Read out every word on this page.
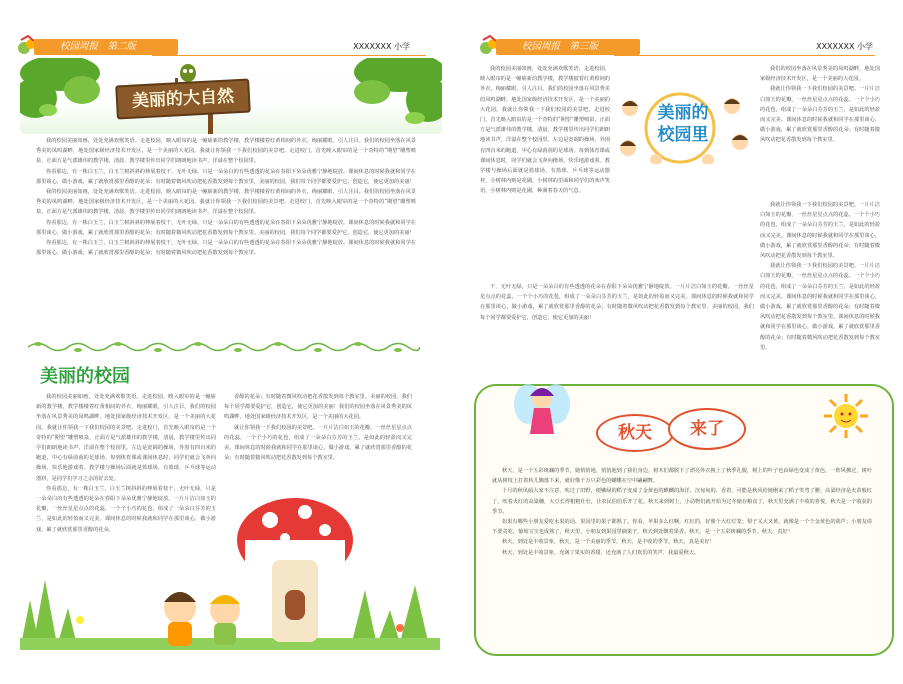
校园周报　第二版	XXXXXXX 小学
美丽的大自然

我的校园美丽如画，处处充满欢歌笑语。走进校园，映入眼帘的是一幢崭新的教学楼，教学楼楼着红黄相间的外衣，绚丽耀眼，引人注目。我们的校园坐落在风景秀美的凤鸣湖畔，地处国家级经济技术开发区，是一个美丽的大花园。我就让你领我一下我们校园的美景吧。走进校门，首先映入眼帘的是一个奇特的“期望”雕塑喷泉，正面方是气派雄伟的教学楼，清晨，教学楼里传出同学们朗朗地读书声，洋溢在整个校园里。

你看那边，有一株白玉兰，白玉兰树斜斜的伸展着枝干，无叶无绿，只是一朵朵白的有些透透的花朵在春阳下朵朵优雅宁静地绽放。课间休息的时候我就和同学在那里谈心，做小游戏，累了就欣赏那里香醇的花朵；有时随着微风吹动把花香散发到每个教室里，美丽的校园，我们每个同学都要爱护它，创造它，使它更加的美丽！

我的校园美丽如画，处处充满欢歌笑语。走进校园，映入眼帘的是一幢崭新的教学楼，教学楼楼着红黄相间的外衣，绚丽耀眼，引人注目。我们的校园坐落在风景秀美的凤鸣湖畔，地处国家级经济技术开发区，是一个美丽的大花园。我就让你领我一下我们校园的美景吧。走进校门，首先映入眼帘的是一个奇特的“期望”雕塑喷泉，正面方是气派雄伟的教学楼，清晨，教学楼里传出同学们朗朗地读书声，洋溢在整个校园里。

你看那边，有一株白玉兰，白玉兰树斜斜的伸展着枝干，无叶无绿，只是一朵朵白的有些透透的花朵在春阳下朵朵优雅宁静地绽放。课间休息的时候我就和同学在那里谈心，做小游戏，累了就欣赏那里香醇的花朵；有时随着微风吹动把花香散发到每个教室里。美丽的校园，我们每个同学都要爱护它，创造它，使它更加的美丽！

你看那边，有一株白玉兰，白玉兰树斜斜的伸展着枝干，无叶无绿，只是一朵朵白的有些透透的花朵在春阳下朵朵优雅宁静地绽放。课间休息的时候我就和同学在那里谈心，做小游戏，累了就欣赏那里香醇的花朵；有时随着微风吹动把花香散发到每个教室里。

美丽的校园

我的校园美丽如画，处处充满欢歌笑语。走进校园，映入眼帘的是一幢崭新的教学楼，教学楼楼着红黄相间的外衣，绚丽耀眼，引人注目。我们的校园坐落在风景秀美的凤鸣湖畔，地处国家级经济技术开发区，是一个美丽的大花园。我就让你领我一下我们校园的美景吧。走进校门，首先映入眼帘的是一个奇特的“期望”雕塑喷泉，正面方是气派雄伟的教学楼，清晨，教学楼里传出同学们朗朗地读书声，洋溢在整个校园里。左边是宽阔的操场，外围有四百米的跑道，中心有绿茵茵的足球场。每到体育课或课间休息时，同学们就会飞奔向操场，快乐地游戏着。教学楼与操场后面就是篮球场，有篮球、乒乓球等运动器材，是同学们学习之余的好去处。

你看那边，有一株白玉兰，白玉兰树斜斜的伸展着枝干，无叶无绿，只是一朵朵白的有些透透的花朵在春阳下朵朵优雅宁静地绽放。一片片洁白如玉的花瓣，一丝丝星星点点的花蕊，一个个小巧的花苞，组成了一朵朵白芬芳的玉兰，是如此的轻盈而又完美。课间休息的时候我就和同学在那里谈心，做小游戏，累了就欣赏那里香醇的花朵。

香醇的花朵；有时随着微风吹动把花香散发到每个教室里。美丽的校园，我们每个同学都要爱护它，创造它，使它更加的美丽！我们的校园坐落在风景秀美的凤鸣湖畔，地处国家级经济技术开发区，是一个美丽的大花园。

就让你领我一下我们校园的美景吧。一片片洁白如玉的花瓣，一丝丝星星点点的花蕊，一个个小巧的花苞，组成了一朵朵白芬芳的玉兰，是如此的轻盈而又完美。课间休息的时候我就和同学在那里谈心，做小游戏，累了就欣赏那里香醇的花朵；有时随着微风吹动把花香散发到每个教室里。

校园周报　第三版	XXXXXXX 小学

我的校园美丽如画，处处充满欢歌笑语。走进校园，映入眼帘的是一幢崭新的教学楼，教学楼披着红黄相间的外衣，绚丽耀眼，引人注目。我们的校园坐落在风景秀美的凤鸣湖畔，地处国家级经济技术开发区，是一个美丽的大花园。我就让你领我一下我们校园的美景吧。走进校门，首先映入眼帘的是一个奇特的“期望”雕塑喷泉，正面方是气派雄伟的教学楼，清晨，教学楼里传出同学们朗朗地读书声，洋溢在整个校园里。左边是宽阔的操场，外围有四百米的跑道，中心有绿茵茵的足球场。每到体育课或课间休息时，同学们就会飞奔向操场，快乐地游戏着。教学楼与操场后面就是篮球场，有篮球、乒乓球等运动器材，小树林内则是花圃，小树林的里面和同学们的欢声笑语，小树林内则是花圃，种满着春天的气息。

干，无叶无绿，只是一朵朵白的有些透透的花朵在春阳下朵朵优雅宁静地绽放。一片片洁白如玉的花瓣，一丝丝星星点点的花蕊，一个个小巧的花苞，组成了一朵朵白芬芳的玉兰，是如此的轻盈而又完美。课间休息的时候我就和同学在那里谈心，做小游戏，累了就欣赏那里香醇的花朵；有时随着微风吹动把花香散发到每个教室里。美丽的校园，我们每个同学都要爱护它，创造它，使它更加的美丽！

美丽的
校园里

我们的校园坐落在风景秀美的凤鸣湖畔，地处国家级经济技术开发区，是一个美丽的大花园。

我就让你领我一下我们校园的美景吧。一片片洁白如玉的花瓣，一丝丝星星点点的花蕊，一个个小巧的花苞，组成了一朵朵白芬芳的玉兰，是如此的轻盈而又完美。课间休息的时候我就和同学在那里谈心，做小游戏，累了就欣赏那里香醇的花朵；有时随着微风吹动把花香散发到每个教室里。

我就让你领我一下我们校园的美景吧。一片片洁白如玉的花瓣，一丝丝星星点点的花蕊，一个个小巧的花苞，组成了一朵朵白芬芳的玉兰，是如此的轻盈而又完美。课间休息的时候我就和同学在那里谈心，做小游戏，累了就欣赏那里香醇的花朵；有时随着微风吹动把花香散发到每个教室里。

我就让你领我一下我们校园的美景吧。一片片洁白如玉的花瓣，一丝丝星星点点的花蕊，一个个小巧的花苞，组成了一朵朵白芬芳的玉兰，是如此的轻盈而又完美。课间休息的时候我就和同学在那里谈心，做小游戏，累了就欣赏那里香醇的花朵；有时随着微风吹动把花香散发到每个教室里。课间休息的时候我就和同学在那里谈心，做小游戏，累了就欣赏那里香醇的花朵；有时随着微风吹动把花香散发到每个教室里。

秋天	来了

秋天，是一个五彩斑斓的季节，她悄悄地，悄悄地到了我们身边。树木们都脱下了漂亮外衣换上了秋季礼服，树上的叶子也由绿色变成了黄色，一阵风拂过，树叶就从树枝上打着转儿飘落下来，就好像千万只彩色的蝴蝶在空中翩翩舞。

十月的秋风硕大家不注意，吹过了田野，便嫩绿的稻子变成了金黄色的麒麟的海洋。沉甸甸的、香着，可能是秋风给她刚来了稻子笑弯了腰；高粱经济是火苗般红了，吹着火红的高粱穗，大豆长得粗粗壮壮，让农民伯伯乐开了花。秋天来到树上，小动物们就开始为过冬储存粮食了，秋天里充满了丰收的喜悦，秋天是一个收获的季节。

如果有哪些小朋友爱吃水果的话，果园里的果子都熟了。你看，苹果多么红啊，红红的，好像个大红灯笼；梨子又大又黄，就像是一个个金黄色的葫芦；小朋友请不要贪吃，葡萄宝宝也成熟了，秋天里，小朋友到果园里摘果子，秋天到处飘着果香。秋天，是一个五彩斑斓的季节。秋天，真好！

秋天，到处是丰收景象，秋天，是一个美丽的季节，秋天，是丰收的季节。秋天，真是美好！

秋天，到处是丰收景象，充满了果实的香甜，还充满了人们欢乐的笑声，我最爱秋天。
